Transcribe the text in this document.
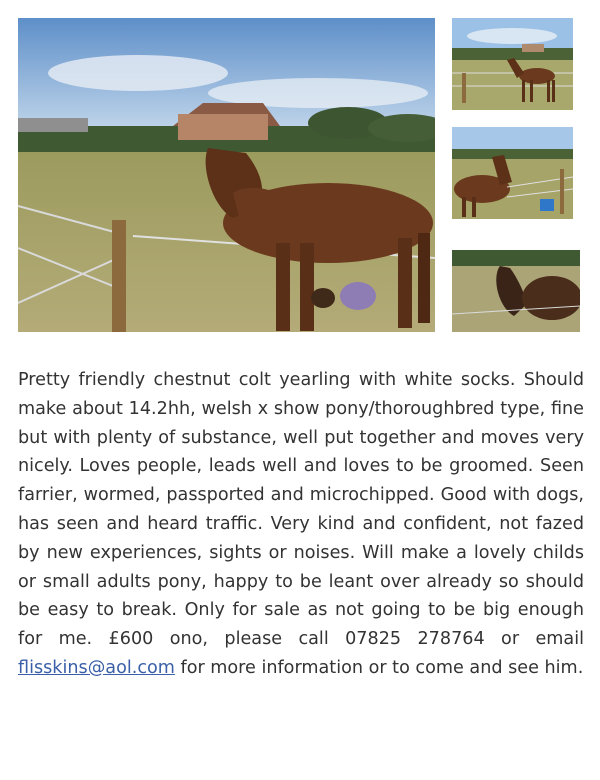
Pretty friendly chestnut colt yearling with white socks. Should make about 14.2hh, welsh x show pony/thoroughbred type, fine but with plenty of substance, well put together and moves very nicely. Loves people, leads well and loves to be groomed. Seen farrier, wormed, passported and microchipped. Good with dogs, has seen and heard traffic. Very kind and confident, not fazed by new experiences, sights or noises. Will make a lovely childs or small adults pony, happy to be leant over already so should be easy to break. Only for sale as not going to be big enough for me. £600 ono, please call 07825 278764 or email flisskins@aol.com for more information or to come and see him.
